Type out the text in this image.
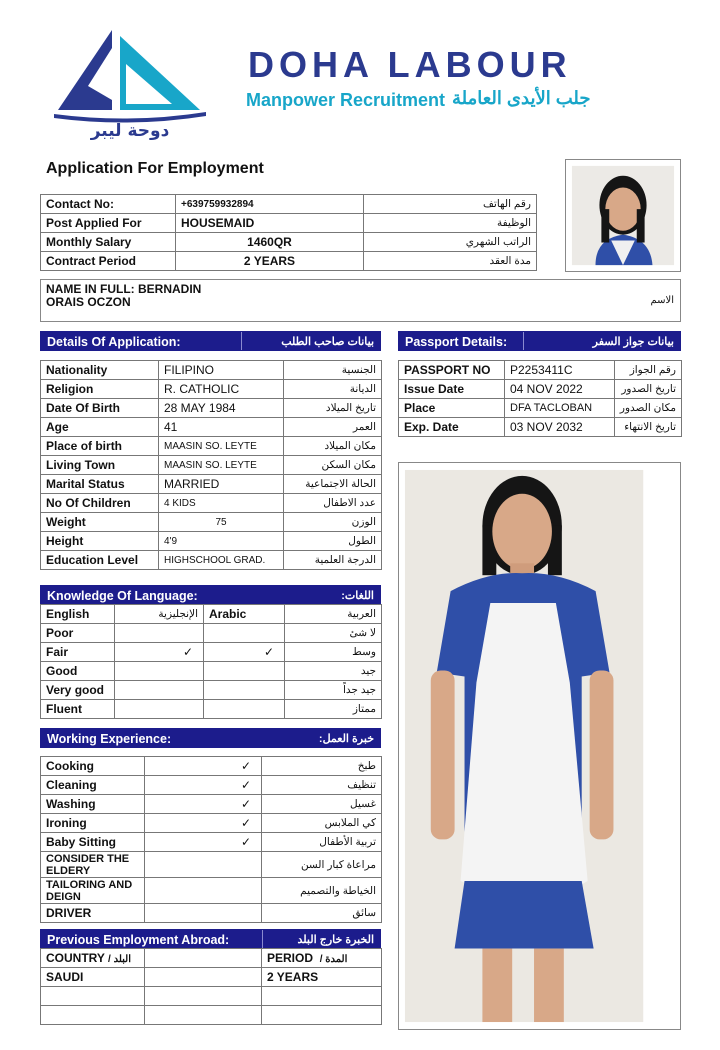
دوحة ليبر
DOHA LABOUR
Manpower Recruitment جلب الأيدى العاملة
Application For Employment
Contact No:	+639759932894	رقم الهاتف
Post Applied For	HOUSEMAID	الوظيفة
Monthly Salary	1460QR	الراتب الشهري
Contract Period	2 YEARS	مدة العقد
NAME IN FULL: BERNADIN
ORAIS OCZON	الاسم
Details Of Application:	بيانات صاحب الطلب
Nationality	FILIPINO	الجنسية
Religion	R. CATHOLIC	الديانة
Date Of Birth	28 MAY 1984	تاريخ الميلاد
Age	41	العمر
Place of birth	MAASIN SO. LEYTE	مكان الميلاد
Living Town	MAASIN SO. LEYTE	مكان السكن
Marital Status	MARRIED	الحالة الاجتماعية
No Of Children	4 KIDS	عدد الاطفال
Weight	75	الوزن
Height	4'9	الطول
Education Level	HIGHSCHOOL GRAD.	الدرجة العلمية
Passport Details:	بيانات جواز السفر
PASSPORT NO	P2253411C	رقم الجواز
Issue Date	04 NOV 2022	تاريخ الصدور
Place	DFA TACLOBAN	مكان الصدور
Exp. Date	03 NOV 2032	تاريخ الانتهاء
Knowledge Of Language:	اللغات:
English	الإنجليزية	Arabic	العربية
Poor			لا شئ
Fair	✓	✓	وسط
Good			جيد
Very good			جيد جداً
Fluent			ممتاز
Working Experience:	خبرة العمل:
Cooking	✓	طبخ
Cleaning	✓	تنظيف
Washing	✓	غسيل
Ironing	✓	كي الملابس
Baby Sitting	✓	تربية الأطفال
CONSIDER THE ELDERY		مراعاة كبار السن
TAILORING AND DEIGN		الخياطة والتصميم
DRIVER		سائق
Previous Employment Abroad:	الخبرة خارج البلد
COUNTRY / البلد		PERIOD / المدة
SAUDI		2 YEARS
